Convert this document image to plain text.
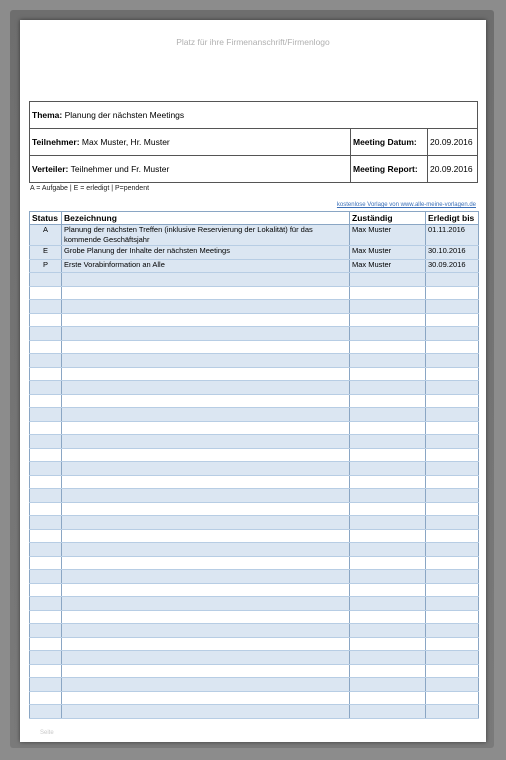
Platz für ihre Firmenanschrift/Firmenlogo
Thema: Planung der nächsten Meetings		
Teilnehmer: Max Muster, Hr. Muster	Meeting Datum:	20.09.2016
Verteiler: Teilnehmer und Fr. Muster	Meeting Report:	20.09.2016
A = Aufgabe | E = erledigt | P=pendent
kostenlose Vorlage von www.alle-meine-vorlagen.de
Status	Bezeichnung	Zuständig	Erledigt bis
A	Planung der nächsten Treffen (inklusive Reservierung der Lokalität) für das kommende Geschäftsjahr	Max Muster	01.11.2016
E	Grobe Planung der Inhalte der nächsten Meetings	Max Muster	30.10.2016
P	Erste Vorabinformation an Alle	Max Muster	30.09.2016

Seite
